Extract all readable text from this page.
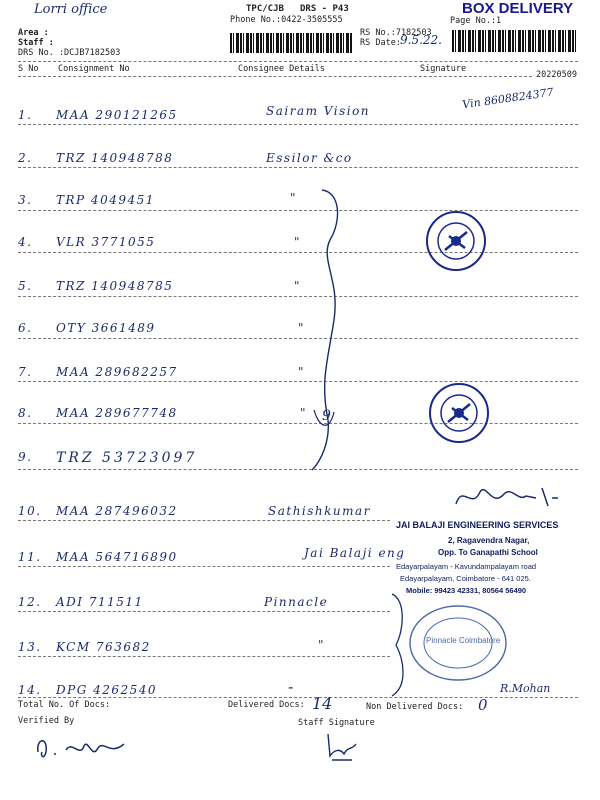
Lorri office
Area :
Staff :
DRS No. :DCJB7182503
TPC/CJB DRS - P43
Phone No.:0422-3505555
BOX DELIVERY
Page No.:1
RS No.:7182503
RS Date: 9.5.22.
S No Consignment No	Consignee Details	Signature
20220509
Vin 8608824377
1. MAA 290121265	Sairam Vision
2. TRZ 140948788	Essilor &co
3. TRP 4049451	"
4. VLR 3771055	"
5. TRZ 140948785	"
6. OTY 3661489	"
7. MAA 289682257	"
8. MAA 289677748	"
9. TRZ 53723097
10. MAA 287496032	Sathishkumar
11. MAA 564716890	Jai Balaji eng
12. ADI 711511	Pinnacle
13. KCM 763682	"
14. DPG 4262540	-
9
JAI BALAJI ENGINEERING SERVICES
2, Ragavendra Nagar,
Opp. To Ganapathi School
Edayarpalayam - Kavundampalayam road
Edayarpalayam, Coimbatore - 641 025.
Mobile: 99423 42331, 80564 56490
Pinnacle Coimbatore
Total No. Of Docs:	Delivered Docs: 14	Non Delivered Docs: 0
R.Mohan
Verified By	Staff Signature
